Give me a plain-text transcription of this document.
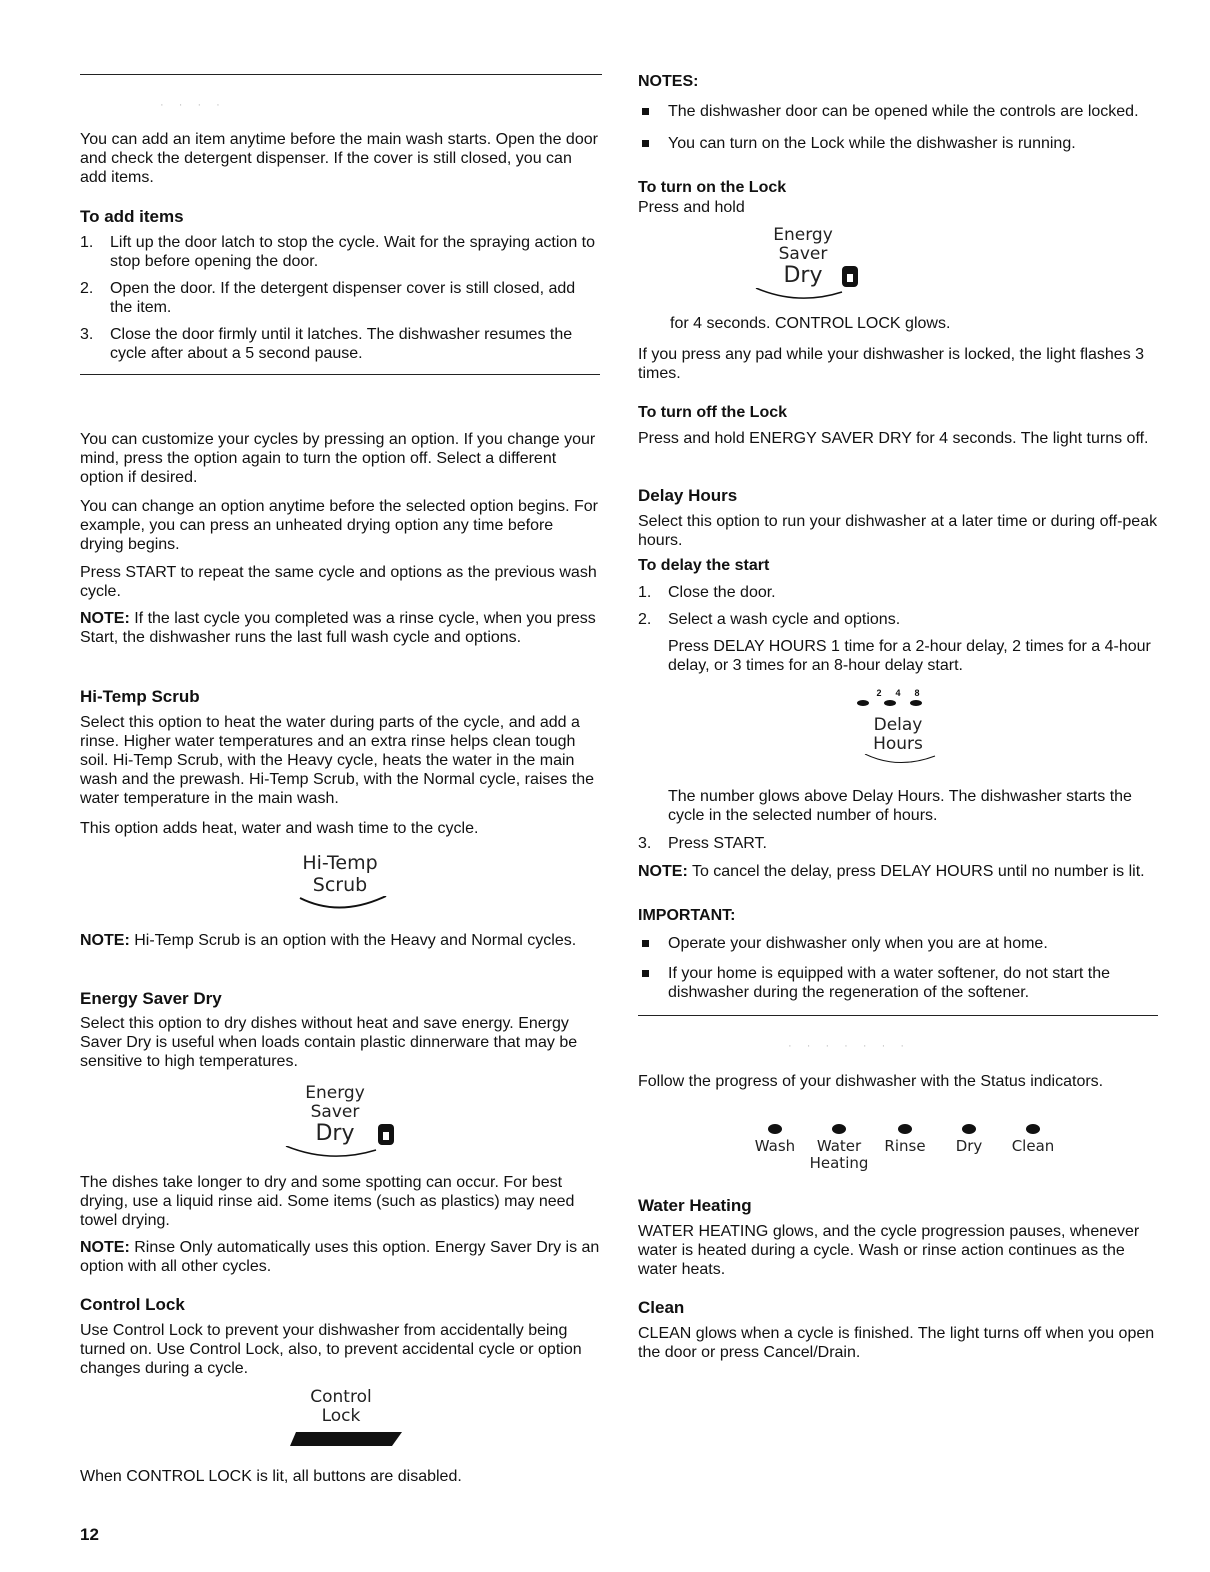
· · · ·

You can add an item anytime before the main wash starts. Open the door and check the detergent dispenser. If the cover is still closed, you can add items.

To add items
1. Lift up the door latch to stop the cycle. Wait for the spraying action to stop before opening the door.
2. Open the door. If the detergent dispenser cover is still closed, add the item.
3. Close the door firmly until it latches. The dishwasher resumes the cycle after about a 5 second pause.

You can customize your cycles by pressing an option. If you change your mind, press the option again to turn the option off. Select a different option if desired.

You can change an option anytime before the selected option begins. For example, you can press an unheated drying option any time before drying begins.

Press START to repeat the same cycle and options as the previous wash cycle.

NOTE: If the last cycle you completed was a rinse cycle, when you press Start, the dishwasher runs the last full wash cycle and options.

Hi-Temp Scrub

Select this option to heat the water during parts of the cycle, and add a rinse. Higher water temperatures and an extra rinse helps clean tough soil. Hi-Temp Scrub, with the Heavy cycle, heats the water in the main wash and the prewash. Hi-Temp Scrub, with the Normal cycle, raises the water temperature in the main wash.

This option adds heat, water and wash time to the cycle.

Hi-Temp
Scrub

NOTE: Hi-Temp Scrub is an option with the Heavy and Normal cycles.

Energy Saver Dry

Select this option to dry dishes without heat and save energy. Energy Saver Dry is useful when loads contain plastic dinnerware that may be sensitive to high temperatures.

Energy
Saver
Dry

The dishes take longer to dry and some spotting can occur. For best drying, use a liquid rinse aid. Some items (such as plastics) may need towel drying.

NOTE: Rinse Only automatically uses this option. Energy Saver Dry is an option with all other cycles.

Control Lock

Use Control Lock to prevent your dishwasher from accidentally being turned on. Use Control Lock, also, to prevent accidental cycle or option changes during a cycle.

Control
Lock

When CONTROL LOCK is lit, all buttons are disabled.

NOTES:
The dishwasher door can be opened while the controls are locked.
You can turn on the Lock while the dishwasher is running.
To turn on the Lock

Press and hold

Energy
Saver
Dry

for 4 seconds. CONTROL LOCK glows.

If you press any pad while your dishwasher is locked, the light flashes 3 times.

To turn off the Lock

Press and hold ENERGY SAVER DRY for 4 seconds. The light turns off.

Delay Hours

Select this option to run your dishwasher at a later time or during off-peak hours.

To delay the start
1. Close the door.
2. Select a wash cycle and options.

Press DELAY HOURS 1 time for a 2-hour delay, 2 times for a 4-hour delay, or 3 times for an 8-hour delay start.

2 4 8
Delay
Hours

The number glows above Delay Hours. The dishwasher starts the cycle in the selected number of hours.

3. Press START.

NOTE: To cancel the delay, press DELAY HOURS until no number is lit.

IMPORTANT:
Operate your dishwasher only when you are at home.
If your home is equipped with a water softener, do not start the dishwasher during the regeneration of the softener.
· · · · · · ·

Follow the progress of your dishwasher with the Status indicators.

Wash	Water
Heating
Rinse	Dry	Clean
Water Heating

WATER HEATING glows, and the cycle progression pauses, whenever water is heated during a cycle. Wash or rinse action continues as the water heats.

Clean

CLEAN glows when a cycle is finished. The light turns off when you open the door or press Cancel/Drain.

12
